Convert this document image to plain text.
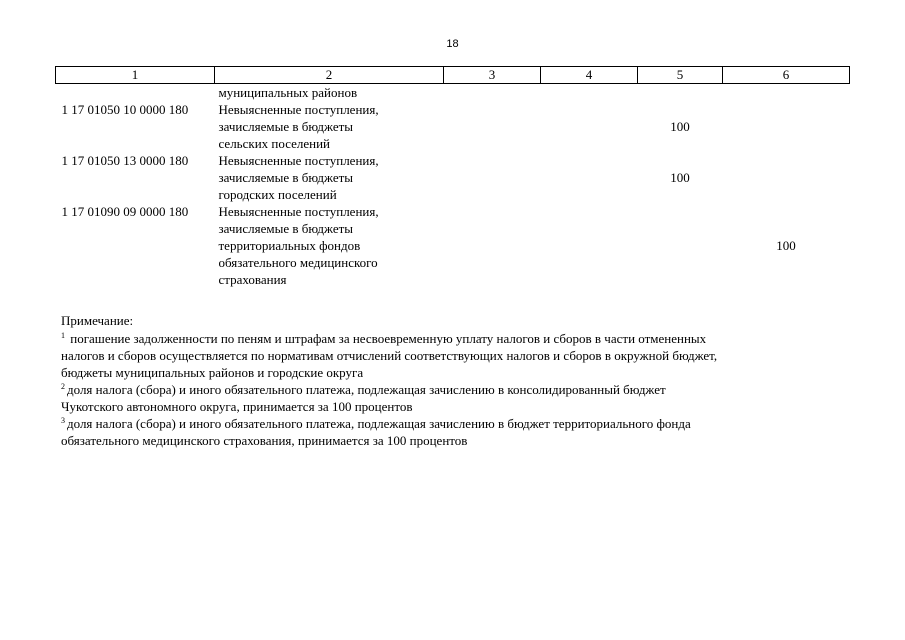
18
1	2	3	4	5	6

	муниципальных районов				

1 17 01050 10 0000 180	Невыясненные поступления,
зачисляемые в бюджеты
сельских поселений			100	
1 17 01050 13 0000 180	Невыясненные поступления,
зачисляемые в бюджеты
городских поселений			100	
1 17 01090 09 0000 180	Невыясненные поступления,
зачисляемые в бюджеты
территориальных фондов
обязательного медицинского
страхования				100
Примечание:
$^1$ погашение задолженности по пеням и штрафам за несвоевременную уплату налогов и сборов в части отмененных
налогов и сборов осуществляется по нормативам отчислений соответствующих налогов и сборов в окружной бюджет,
бюджеты муниципальных районов и городские округа
$^2$ доля налога (сбора) и иного обязательного платежа, подлежащая зачислению в консолидированный бюджет
Чукотского автономного округа, принимается за 100 процентов
$^3$ доля налога (сбора) и иного обязательного платежа, подлежащая зачислению в бюджет территориального фонда
обязательного медицинского страхования, принимается за 100 процентов
